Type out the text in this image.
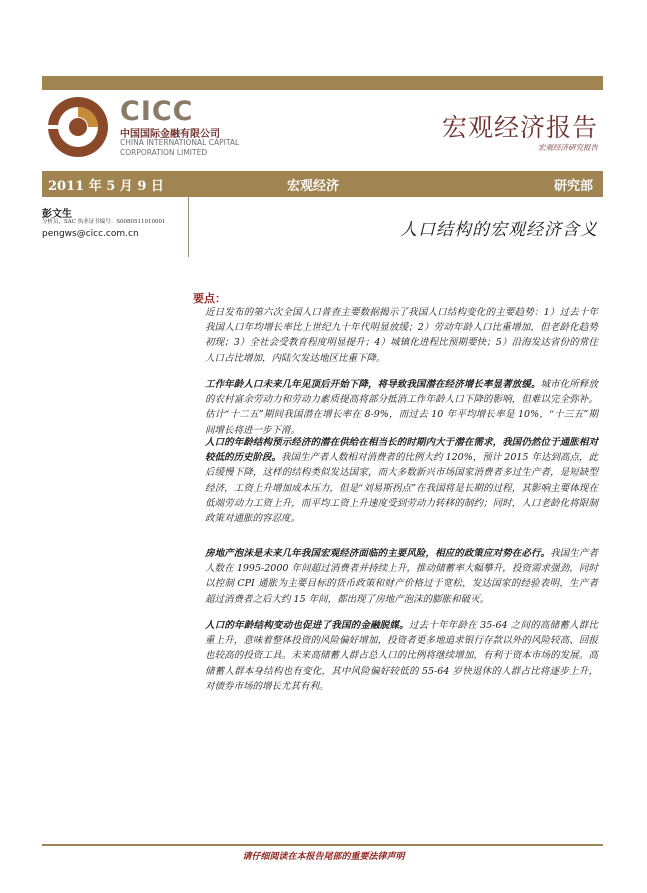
CICC
中国国际金融有限公司
CHINA INTERNATIONAL CAPITAL
CORPORATION LIMITED
宏观经济报告
宏观经济研究报告
2011 年 5 月 9 日	宏观经济	研究部
彭文生
分析员，SAC 执业证书编号：S0080511010001
pengws@cicc.com.cn	人口结构的宏观经济含义
要点：
近日发布的第六次全国人口普查主要数据揭示了我国人口结构变化的主要趋势：1）过去十年我国人口年均增长率比上世纪九十年代明显放缓；2）劳动年龄人口比重增加，但老龄化趋势初现；3）全社会受教育程度明显提升；4）城镇化进程比预期要快；5）沿海发达省份的常住人口占比增加，内陆欠发达地区比重下降。
工作年龄人口未来几年见顶后开始下降，将导致我国潜在经济增长率显著放缓。城市化所释放的农村富余劳动力和劳动力素质提高将部分抵消工作年龄人口下降的影响，但难以完全弥补。估计“十二五”期间我国潜在增长率在 8-9%，而过去 10 年平均增长率是 10%，“十三五”期间增长将进一步下滑。
人口的年龄结构预示经济的潜在供给在相当长的时期内大于潜在需求，我国仍然位于通胀相对较低的历史阶段。我国生产者人数相对消费者的比例大约 120%，预计 2015 年达到高点，此后缓慢下降，这样的结构类似发达国家，而大多数新兴市场国家消费者多过生产者，是短缺型经济，工资上升增加成本压力，但是“刘易斯拐点”在我国将是长期的过程，其影响主要体现在低端劳动力工资上升，而平均工资上升速度受到劳动力转移的制约；同时，人口老龄化将限制政策对通胀的容忍度。
房地产泡沫是未来几年我国宏观经济面临的主要风险，相应的政策应对势在必行。我国生产者人数在 1995-2000 年间超过消费者并持续上升，推动储蓄率大幅攀升，投资需求强劲，同时以控制 CPI 通胀为主要目标的货币政策和财产价格过于宽松，发达国家的经验表明，生产者超过消费者之后大约 15 年间，都出现了房地产泡沫的膨胀和破灭。
人口的年龄结构变动也促进了我国的金融脱媒。过去十年年龄在 35-64 之间的高储蓄人群比重上升，意味着整体投资的风险偏好增加，投资者更多地追求银行存款以外的风险较高、回报也较高的投资工具。未来高储蓄人群占总人口的比例将继续增加，有利于资本市场的发展。高储蓄人群本身结构也有变化，其中风险偏好较低的 55-64 岁快退休的人群占比将逐步上升，对债券市场的增长尤其有利。
请仔细阅读在本报告尾部的重要法律声明
